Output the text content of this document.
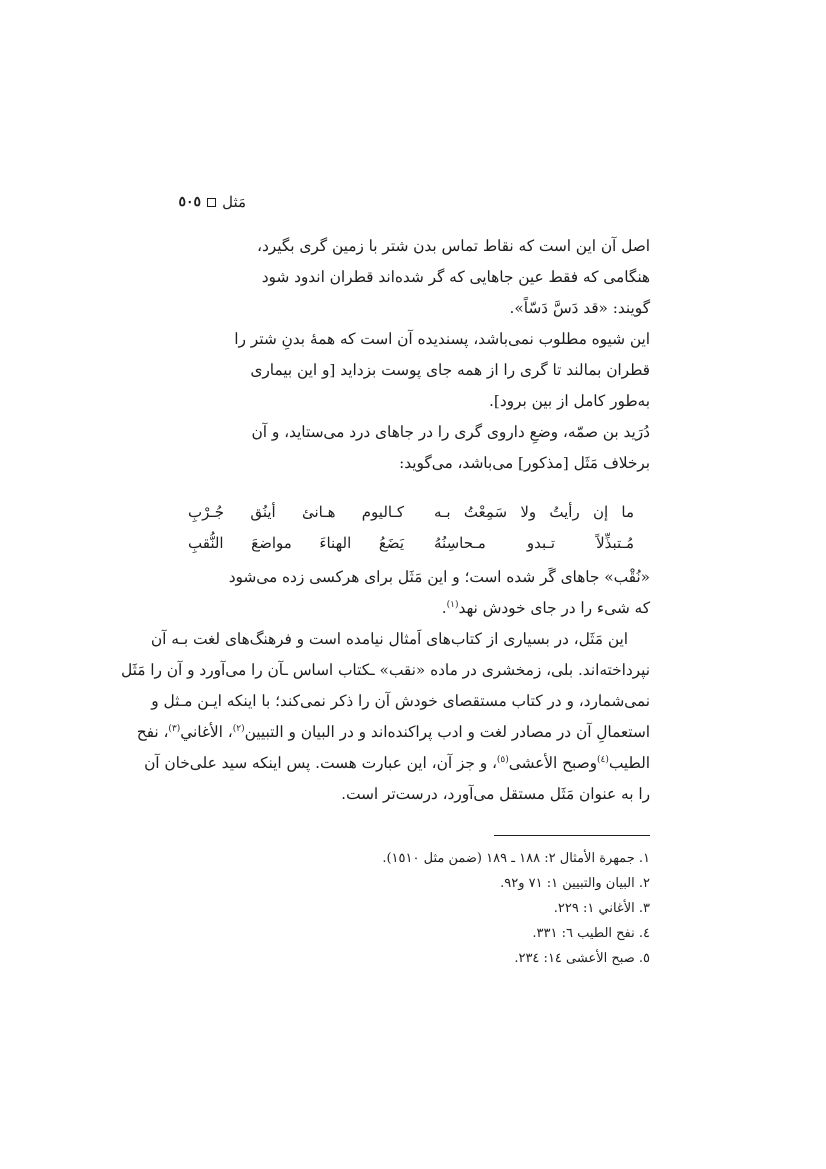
مَثل
٥٠٥
اصل آن این است که نقاط تماس بدن شتر با زمین گری بگیرد،
هنگامی که فقط عین جاهایی که گر شده‌اند قطران اندود شود
گویند: «قد دَسَّ دَسّاً».
این شیوه مطلوب نمی‌باشد، پسندیده آن است که همهٔ بدنِ شتر را
قطران بمالند تا گری را از همه جای پوست بزداید [و این بیماری
به‌طور کامل از بین برود].
دُرَید بن صمّه، وضعِ داروی گری را در جاهای درد می‌ستاید، و آن
برخلاف مَثَل [مذکور] می‌باشد، می‌گوید:
ما إن رأيتُ ولا سَمِعْتُ بـه
كـاليوم هـانئ أينُق جُـرْبِ
مُـتبذِّلاً تـبدو مـحاسِنُهُ
يَضَعُ الهناءَ مواضعَ النُّقبِ
«نُقْب» جاهای گَر شده است؛ و این مَثَل برای هرکسی زده می‌شود
که شیء را در جای خودش نهد$^{(١)}$.
این مَثَل، در بسیاری از کتاب‌های اَمثال نیامده است و فرهنگ‌های لغت بـه آن
نپرداخته‌اند. بلی، زمخشری در ماده «نقب» ـکتاب اساس ـآن را می‌آورد و آن را مَثَل
نمی‌شمارد، و در کتاب مستقصای خودش آن را ذکر نمی‌کند؛ با اینکه ایـن مـثل و
استعمالِ آن در مصادر لغت و ادب پراکنده‌اند و در البيان و التبيين$^{(٢)}$، الأغاني$^{(٣)}$، نفح
الطيب$^{(٤)}$وصبح الأعشى$^{(٥)}$، و جز آن، این عبارت هست. پس اینکه سید علی‌خان آن
را به عنوان مَثَل مستقل می‌آورد، درست‌تر است.
١. جمهرة الأمثال ٢: ١٨٨ ـ ١٨٩ (ضمن مثل ١٥١٠).
٢. البيان والتبيين ١: ٧١ و٩٢.
٣. الأغاني ١: ٢٢٩.
٤. نفح الطيب ٦: ٣٣١.
٥. صبح الأعشى ١٤: ٢٣٤.
